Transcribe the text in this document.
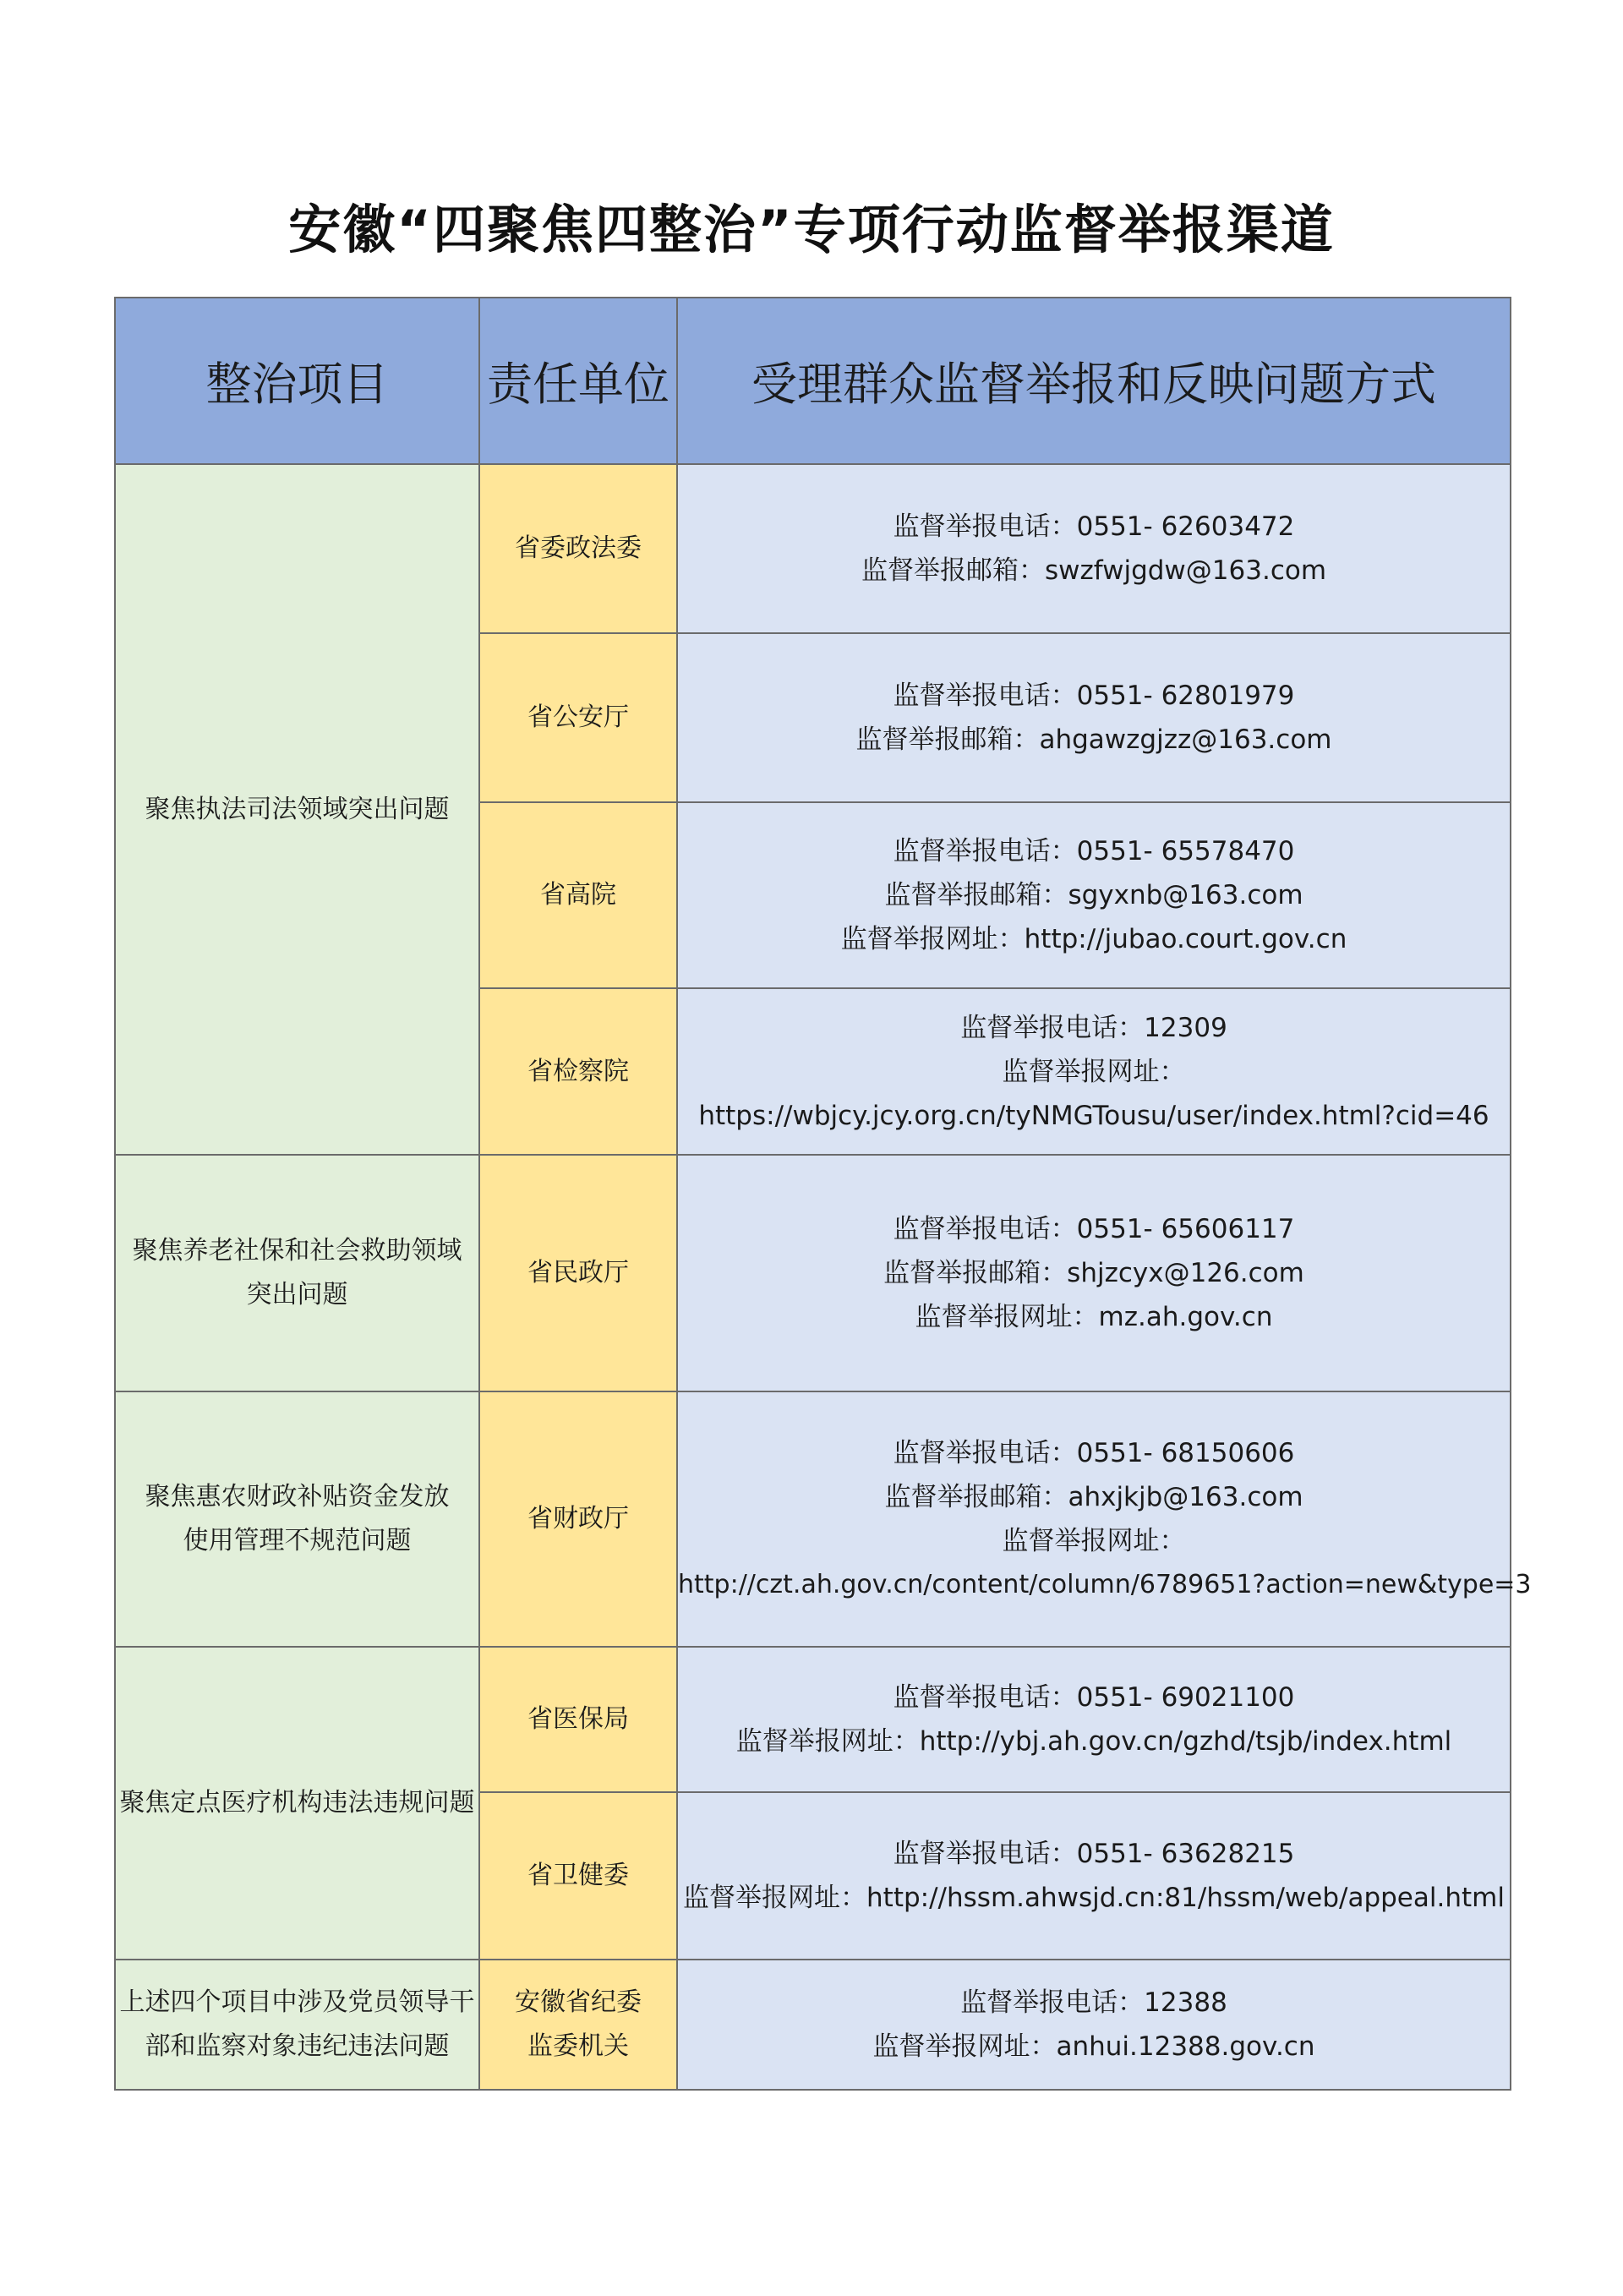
安徽“四聚焦四整治”专项行动监督举报渠道
整治项目	责任单位	受理群众监督举报和反映问题方式

聚焦执法司法领域突出问题	省委政法委	监督举报电话：0551- 62603472
监督举报邮箱：swzfwjgdw@163.com

	省公安厅	监督举报电话：0551- 62801979
监督举报邮箱：ahgawzgjzz@163.com

	省高院	监督举报电话：0551- 65578470
监督举报邮箱：sgyxnb@163.com
监督举报网址：http://jubao.court.gov.cn

	省检察院	监督举报电话：12309
监督举报网址：
https://wbjcy.jcy.org.cn/tyNMGTousu/user/index.html?cid=46

聚焦养老社保和社会救助领域
突出问题	省民政厅	监督举报电话：0551- 65606117
监督举报邮箱：shjzcyx@126.com
监督举报网址：mz.ah.gov.cn

聚焦惠农财政补贴资金发放
使用管理不规范问题	省财政厅	监督举报电话：0551- 68150606
监督举报邮箱：ahxjkjb@163.com
监督举报网址：
http://czt.ah.gov.cn/content/column/6789651?action=new&type=3

聚焦定点医疗机构违法违规问题	省医保局	监督举报电话：0551- 69021100
监督举报网址：http://ybj.ah.gov.cn/gzhd/tsjb/index.html

	省卫健委	监督举报电话：0551- 63628215
监督举报网址：http://hssm.ahwsjd.cn:81/hssm/web/appeal.html

上述四个项目中涉及党员领导干
部和监察对象违纪违法问题	安徽省纪委
监委机关	监督举报电话：12388
监督举报网址：anhui.12388.gov.cn
